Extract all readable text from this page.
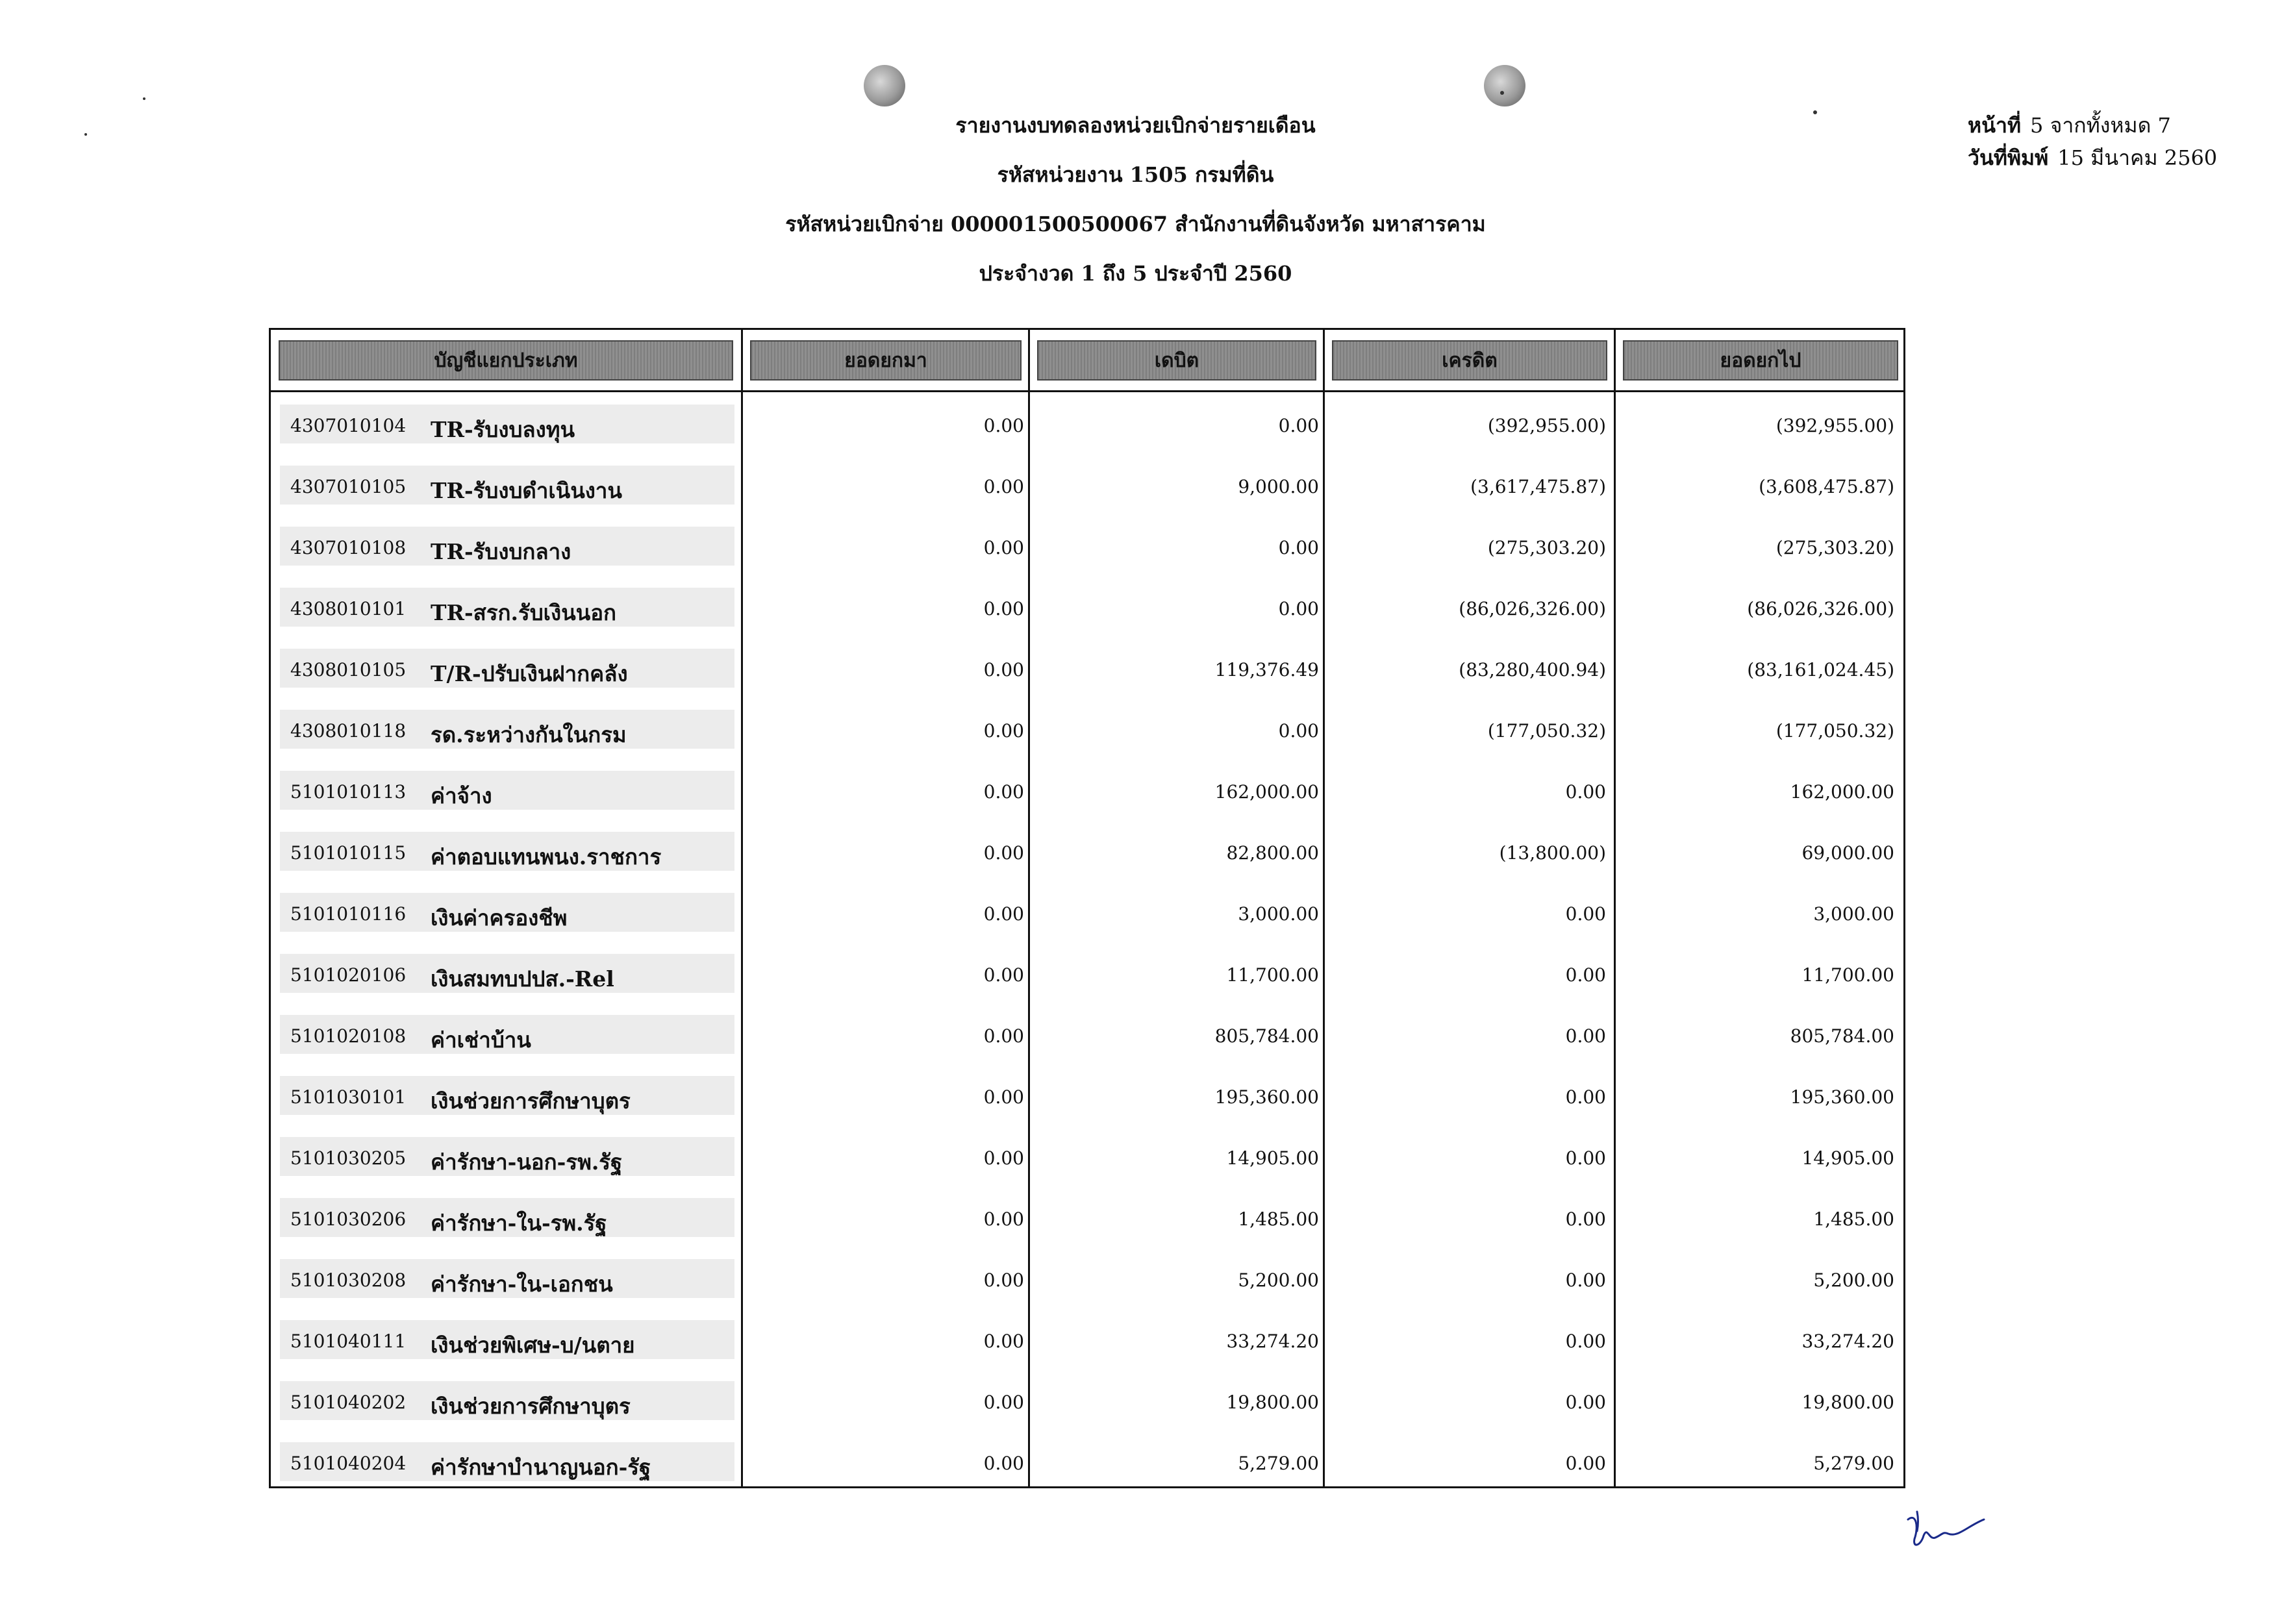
รายงานงบทดลองหน่วยเบิกจ่ายรายเดือน
รหัสหน่วยงาน 1505 กรมที่ดิน
รหัสหน่วยเบิกจ่าย 000001500500067 สำนักงานที่ดินจังหวัด มหาสารคาม
ประจำงวด 1 ถึง 5 ประจำปี 2560
หน้าที่ 5 จากทั้งหมด 7
วันที่พิมพ์ 15 มีนาคม 2560
บัญชีแยกประเภท	ยอดยกมา	เดบิต	เครดิต	ยอดยกไป
4307010104 TR-รับงบลงทุน	0.00	0.00	(392,955.00)	(392,955.00)
4307010105 TR-รับงบดำเนินงาน	0.00	9,000.00	(3,617,475.87)	(3,608,475.87)
4307010108 TR-รับงบกลาง	0.00	0.00	(275,303.20)	(275,303.20)
4308010101 TR-สรก.รับเงินนอก	0.00	0.00	(86,026,326.00)	(86,026,326.00)
4308010105 T/R-ปรับเงินฝากคลัง	0.00	119,376.49	(83,280,400.94)	(83,161,024.45)
4308010118 รด.ระหว่างกันในกรม	0.00	0.00	(177,050.32)	(177,050.32)
5101010113 ค่าจ้าง	0.00	162,000.00	0.00	162,000.00
5101010115 ค่าตอบแทนพนง.ราชการ	0.00	82,800.00	(13,800.00)	69,000.00
5101010116 เงินค่าครองชีพ	0.00	3,000.00	0.00	3,000.00
5101020106 เงินสมทบปปส.-Rel	0.00	11,700.00	0.00	11,700.00
5101020108 ค่าเช่าบ้าน	0.00	805,784.00	0.00	805,784.00
5101030101 เงินช่วยการศึกษาบุตร	0.00	195,360.00	0.00	195,360.00
5101030205 ค่ารักษา-นอก-รพ.รัฐ	0.00	14,905.00	0.00	14,905.00
5101030206 ค่ารักษา-ใน-รพ.รัฐ	0.00	1,485.00	0.00	1,485.00
5101030208 ค่ารักษา-ใน-เอกชน	0.00	5,200.00	0.00	5,200.00
5101040111 เงินช่วยพิเศษ-บ/นตาย	0.00	33,274.20	0.00	33,274.20
5101040202 เงินช่วยการศึกษาบุตร	0.00	19,800.00	0.00	19,800.00
5101040204 ค่ารักษาบำนาญนอก-รัฐ	0.00	5,279.00	0.00	5,279.00
